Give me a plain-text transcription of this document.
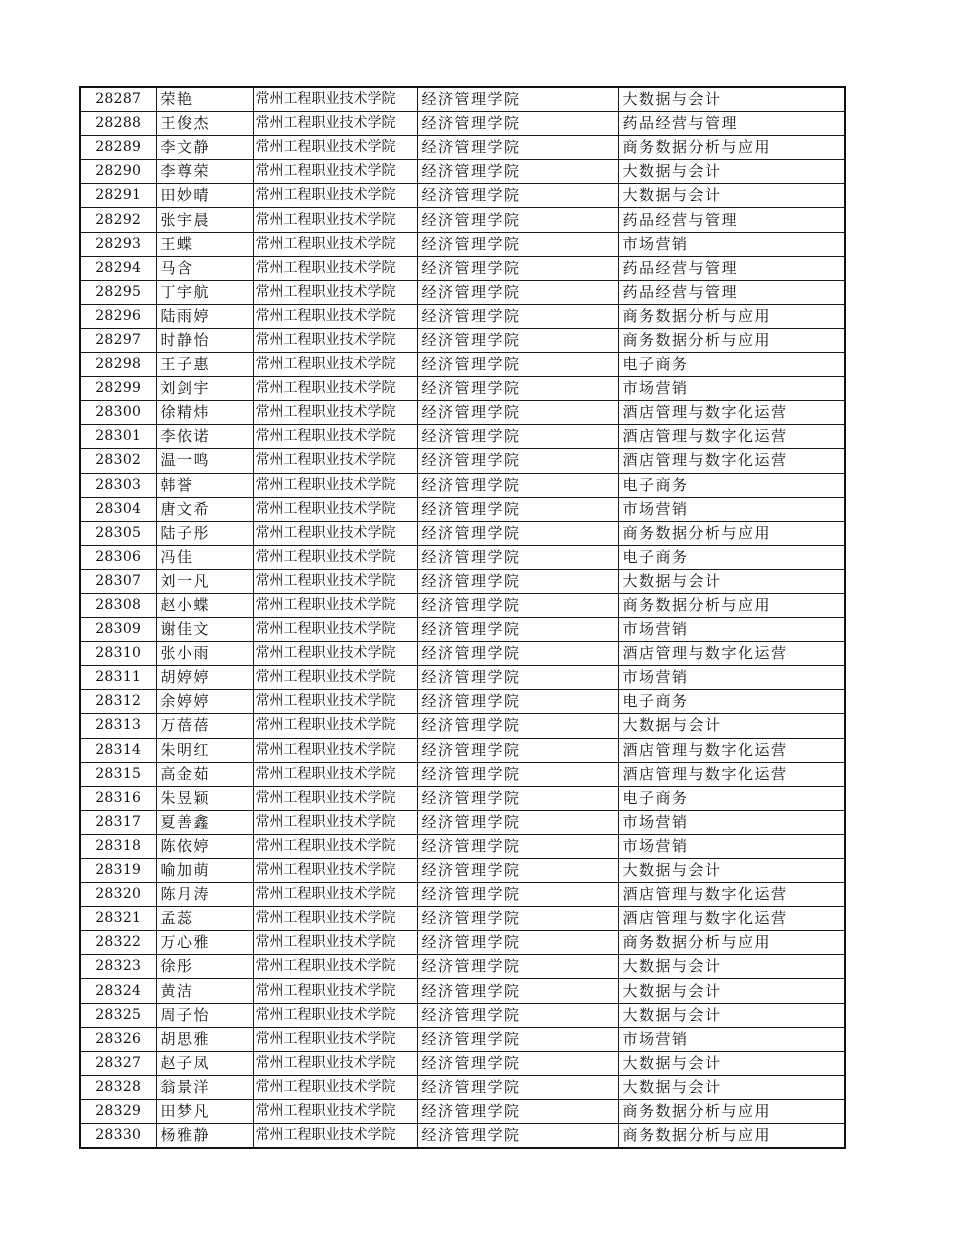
28287	荣艳	常州工程职业技术学院	经济管理学院	大数据与会计
28288	王俊杰	常州工程职业技术学院	经济管理学院	药品经营与管理
28289	李文静	常州工程职业技术学院	经济管理学院	商务数据分析与应用
28290	李尊荣	常州工程职业技术学院	经济管理学院	大数据与会计
28291	田妙晴	常州工程职业技术学院	经济管理学院	大数据与会计
28292	张宇晨	常州工程职业技术学院	经济管理学院	药品经营与管理
28293	王蝶	常州工程职业技术学院	经济管理学院	市场营销
28294	马含	常州工程职业技术学院	经济管理学院	药品经营与管理
28295	丁宇航	常州工程职业技术学院	经济管理学院	药品经营与管理
28296	陆雨婷	常州工程职业技术学院	经济管理学院	商务数据分析与应用
28297	时静怡	常州工程职业技术学院	经济管理学院	商务数据分析与应用
28298	王子惠	常州工程职业技术学院	经济管理学院	电子商务
28299	刘剑宇	常州工程职业技术学院	经济管理学院	市场营销
28300	徐精炜	常州工程职业技术学院	经济管理学院	酒店管理与数字化运营
28301	李依诺	常州工程职业技术学院	经济管理学院	酒店管理与数字化运营
28302	温一鸣	常州工程职业技术学院	经济管理学院	酒店管理与数字化运营
28303	韩誉	常州工程职业技术学院	经济管理学院	电子商务
28304	唐文希	常州工程职业技术学院	经济管理学院	市场营销
28305	陆子彤	常州工程职业技术学院	经济管理学院	商务数据分析与应用
28306	冯佳	常州工程职业技术学院	经济管理学院	电子商务
28307	刘一凡	常州工程职业技术学院	经济管理学院	大数据与会计
28308	赵小蝶	常州工程职业技术学院	经济管理学院	商务数据分析与应用
28309	谢佳文	常州工程职业技术学院	经济管理学院	市场营销
28310	张小雨	常州工程职业技术学院	经济管理学院	酒店管理与数字化运营
28311	胡婷婷	常州工程职业技术学院	经济管理学院	市场营销
28312	余婷婷	常州工程职业技术学院	经济管理学院	电子商务
28313	万蓓蓓	常州工程职业技术学院	经济管理学院	大数据与会计
28314	朱明红	常州工程职业技术学院	经济管理学院	酒店管理与数字化运营
28315	高金茹	常州工程职业技术学院	经济管理学院	酒店管理与数字化运营
28316	朱昱颖	常州工程职业技术学院	经济管理学院	电子商务
28317	夏善鑫	常州工程职业技术学院	经济管理学院	市场营销
28318	陈依婷	常州工程职业技术学院	经济管理学院	市场营销
28319	喻加萌	常州工程职业技术学院	经济管理学院	大数据与会计
28320	陈月涛	常州工程职业技术学院	经济管理学院	酒店管理与数字化运营
28321	孟蕊	常州工程职业技术学院	经济管理学院	酒店管理与数字化运营
28322	万心雅	常州工程职业技术学院	经济管理学院	商务数据分析与应用
28323	徐彤	常州工程职业技术学院	经济管理学院	大数据与会计
28324	黄洁	常州工程职业技术学院	经济管理学院	大数据与会计
28325	周子怡	常州工程职业技术学院	经济管理学院	大数据与会计
28326	胡思雅	常州工程职业技术学院	经济管理学院	市场营销
28327	赵子凤	常州工程职业技术学院	经济管理学院	大数据与会计
28328	翁景洋	常州工程职业技术学院	经济管理学院	大数据与会计
28329	田梦凡	常州工程职业技术学院	经济管理学院	商务数据分析与应用
28330	杨雅静	常州工程职业技术学院	经济管理学院	商务数据分析与应用
